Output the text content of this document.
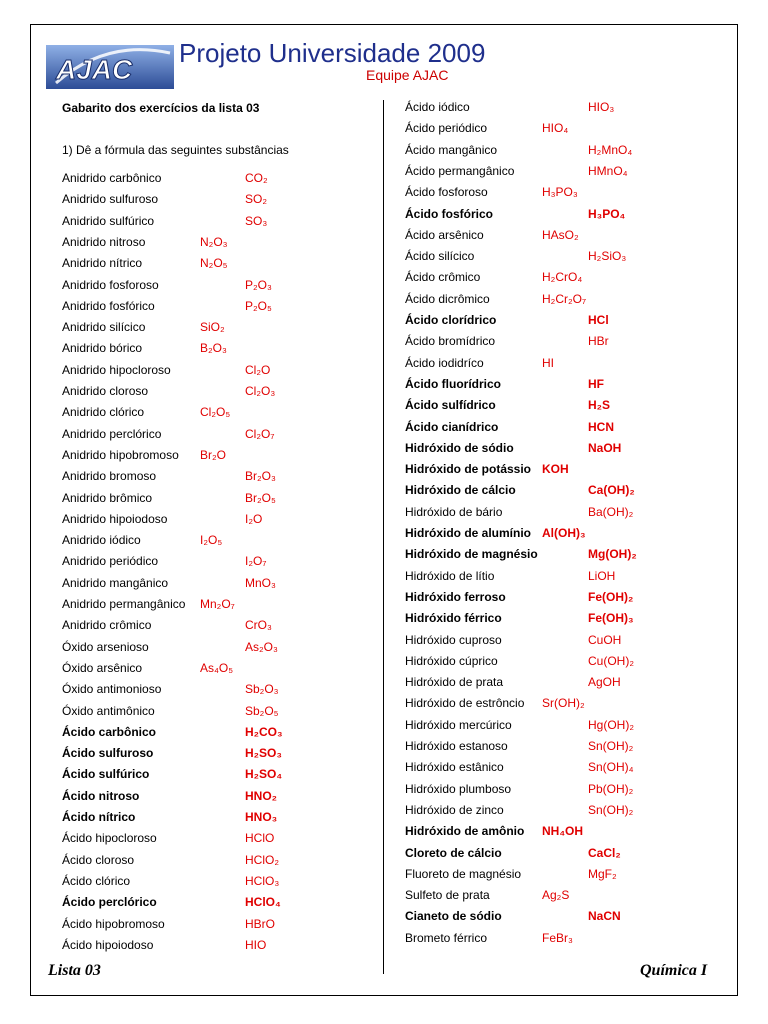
AJAC
Projeto Universidade 2009
Equipe AJAC
Gabarito dos exercícios da lista 03
1) Dê a fórmula das seguintes substâncias
Anidrido carbônico	CO₂
Anidrido sulfuroso	SO₂
Anidrido sulfúrico	SO₃
Anidrido nitroso	N₂O₃
Anidrido nítrico	N₂O₅
Anidrido fosforoso	P₂O₃
Anidrido fosfórico	P₂O₅
Anidrido silícico	SiO₂
Anidrido bórico	B₂O₃
Anidrido hipocloroso	Cl₂O
Anidrido cloroso	Cl₂O₃
Anidrido clórico	Cl₂O₅
Anidrido perclórico	Cl₂O₇
Anidrido hipobromoso Br₂O
Anidrido bromoso	Br₂O₃
Anidrido brômico	Br₂O₅
Anidrido hipoiodoso	I₂O
Anidrido iódico	I₂O₅
Anidrido periódico	I₂O₇
Anidrido mangânico	MnO₃
Anidrido permangânico Mn₂O₇
Anidrido crômico	CrO₃
Óxido arsenioso	As₂O₃
Óxido arsênico	As₄O₅
Óxido antimonioso	Sb₂O₃
Óxido antimônico	Sb₂O₅
Ácido carbônico	H₂CO₃
Ácido sulfuroso	H₂SO₃
Ácido sulfúrico	H₂SO₄
Ácido nitroso	HNO₂
Ácido nítrico	HNO₃
Ácido hipocloroso	HClO
Ácido cloroso	HClO₂
Ácido clórico	HClO₃
Ácido perclórico	HClO₄
Ácido hipobromoso	HBrO
Ácido hipoiodoso	HIO
Ácido iódico	HIO₃
Ácido periódico	HIO₄
Ácido mangânico	H₂MnO₄
Ácido permangânico	HMnO₄
Ácido fosforoso	H₃PO₃
Ácido fosfórico	H₃PO₄
Ácido arsênico	HAsO₂
Ácido silícico	H₂SiO₃
Ácido crômico	H₂CrO₄
Ácido dicrômico	H₂Cr₂O₇
Ácido clorídrico	HCl
Ácido bromídrico	HBr
Ácido iodidríco	HI
Ácido fluorídrico	HF
Ácido sulfídrico	H₂S
Ácido cianídrico	HCN
Hidróxido de sódio	NaOH
Hidróxido de potássio KOH
Hidróxido de cálcio	Ca(OH)₂
Hidróxido de bário	Ba(OH)₂
Hidróxido de alumínio Al(OH)₃
Hidróxido de magnésio	Mg(OH)₂
Hidróxido de lítio	LiOH
Hidróxido ferroso	Fe(OH)₂
Hidróxido férrico	Fe(OH)₃
Hidróxido cuproso	CuOH
Hidróxido cúprico	Cu(OH)₂
Hidróxido de prata	AgOH
Hidróxido de estrôncio Sr(OH)₂
Hidróxido mercúrico	Hg(OH)₂
Hidróxido estanoso	Sn(OH)₂
Hidróxido estânico	Sn(OH)₄
Hidróxido plumboso	Pb(OH)₂
Hidróxido de zinco	Sn(OH)₂
Hidróxido de amônio NH₄OH
Cloreto de cálcio	CaCl₂
Fluoreto de magnésio	MgF₂
Sulfeto de prata	Ag₂S
Cianeto de sódio	NaCN
Brometo férrico	FeBr₃
Lista 03	Química I
